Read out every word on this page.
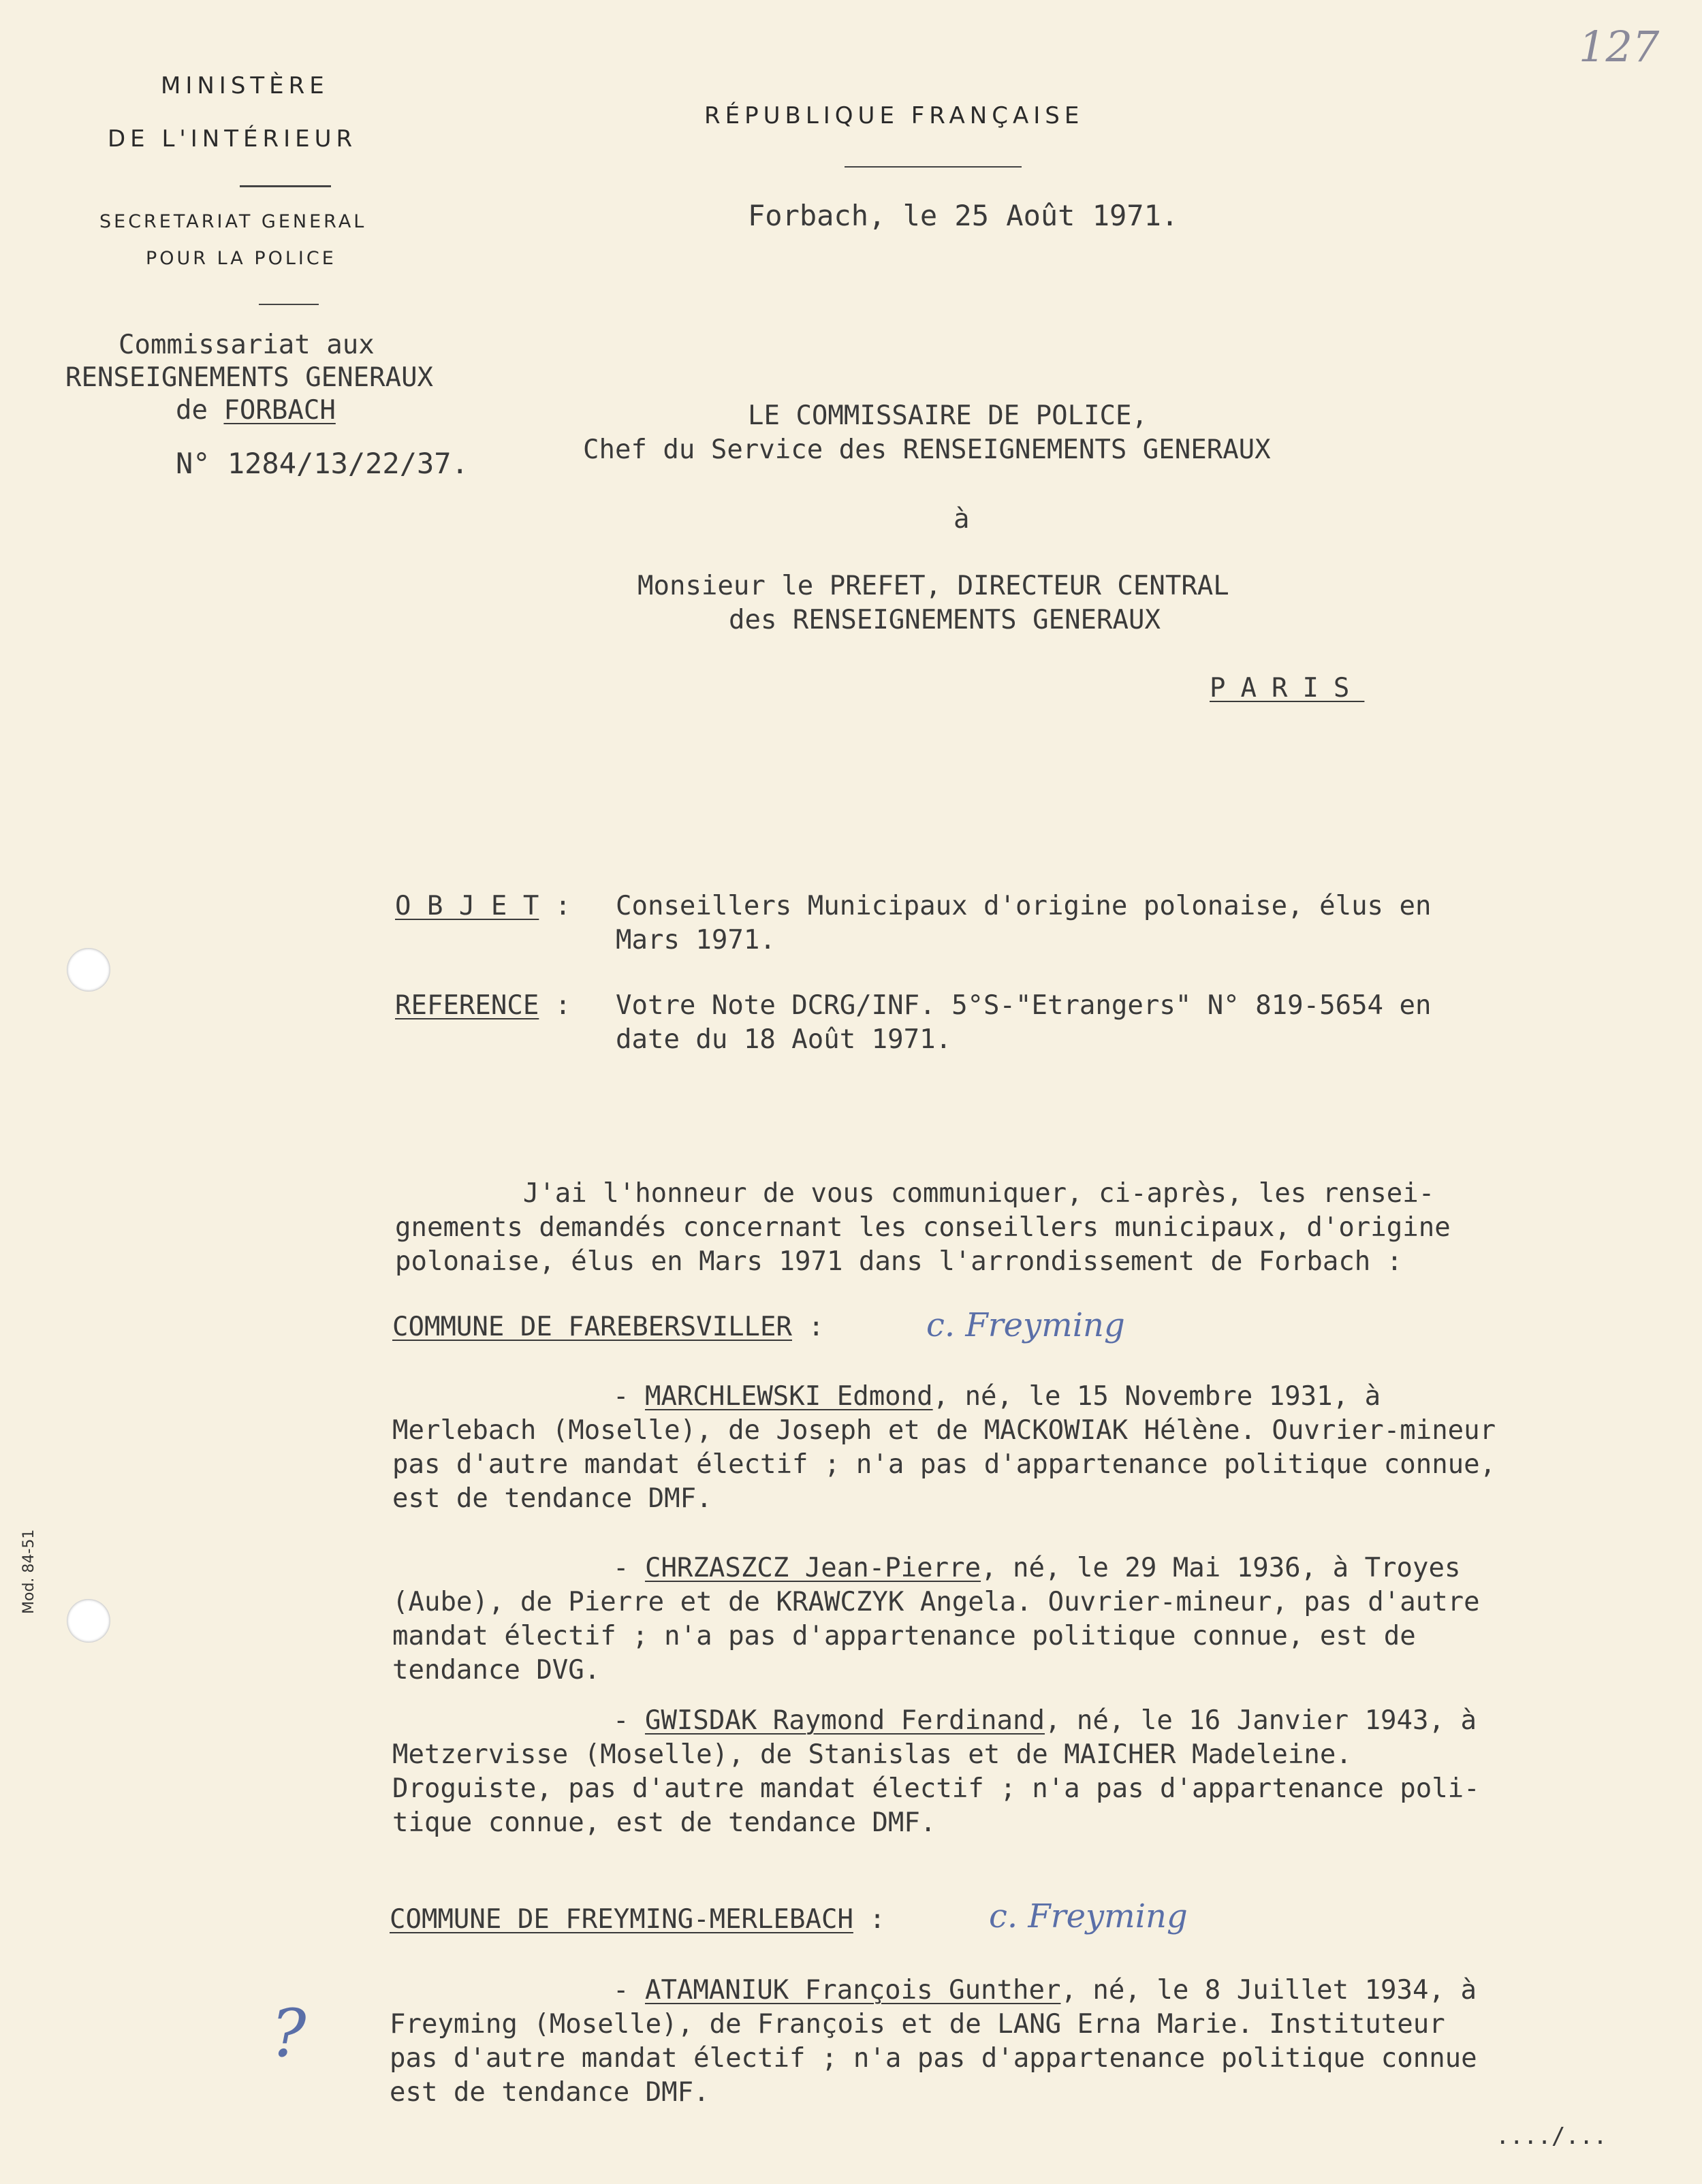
127
Mod. 84-51
MINISTÈRE
DE L'INTÉRIEUR
SECRETARIAT GENERAL
POUR LA POLICE
Commissariat aux
RENSEIGNEMENTS GENERAUX
de FORBACH
N° 1284/13/22/37.
RÉPUBLIQUE FRANÇAISE
Forbach, le 25 Août 1971.
LE COMMISSAIRE DE POLICE,
Chef du Service des RENSEIGNEMENTS GENERAUX
à
Monsieur le PREFET, DIRECTEUR CENTRAL
des RENSEIGNEMENTS GENERAUX
PARIS
O B J E T : Conseillers Municipaux d'origine polonaise, élus en
Mars 1971.
REFERENCE : Votre Note DCRG/INF. 5°S-"Etrangers" N° 819-5654 en
date du 18 Août 1971.
J'ai l'honneur de vous communiquer, ci-après, les rensei-
gnements demandés concernant les conseillers municipaux, d'origine
polonaise, élus en Mars 1971 dans l'arrondissement de Forbach :
COMMUNE DE FAREBERSVILLER :	c. Freyming
- MARCHLEWSKI Edmond, né, le 15 Novembre 1931, à
Merlebach (Moselle), de Joseph et de MACKOWIAK Hélène. Ouvrier-mineur
pas d'autre mandat électif ; n'a pas d'appartenance politique connue,
est de tendance DMF.
- CHRZASZCZ Jean-Pierre, né, le 29 Mai 1936, à Troyes
(Aube), de Pierre et de KRAWCZYK Angela. Ouvrier-mineur, pas d'autre
mandat électif ; n'a pas d'appartenance politique connue, est de
tendance DVG.
- GWISDAK Raymond Ferdinand, né, le 16 Janvier 1943, à
Metzervisse (Moselle), de Stanislas et de MAICHER Madeleine.
Droguiste, pas d'autre mandat électif ; n'a pas d'appartenance poli-
tique connue, est de tendance DMF.
COMMUNE DE FREYMING-MERLEBACH :	c. Freyming
- ATAMANIUK François Gunther, né, le 8 Juillet 1934, à
Freyming (Moselle), de François et de LANG Erna Marie. Instituteur
pas d'autre mandat électif ; n'a pas d'appartenance politique connue
est de tendance DMF.
?
..../...
